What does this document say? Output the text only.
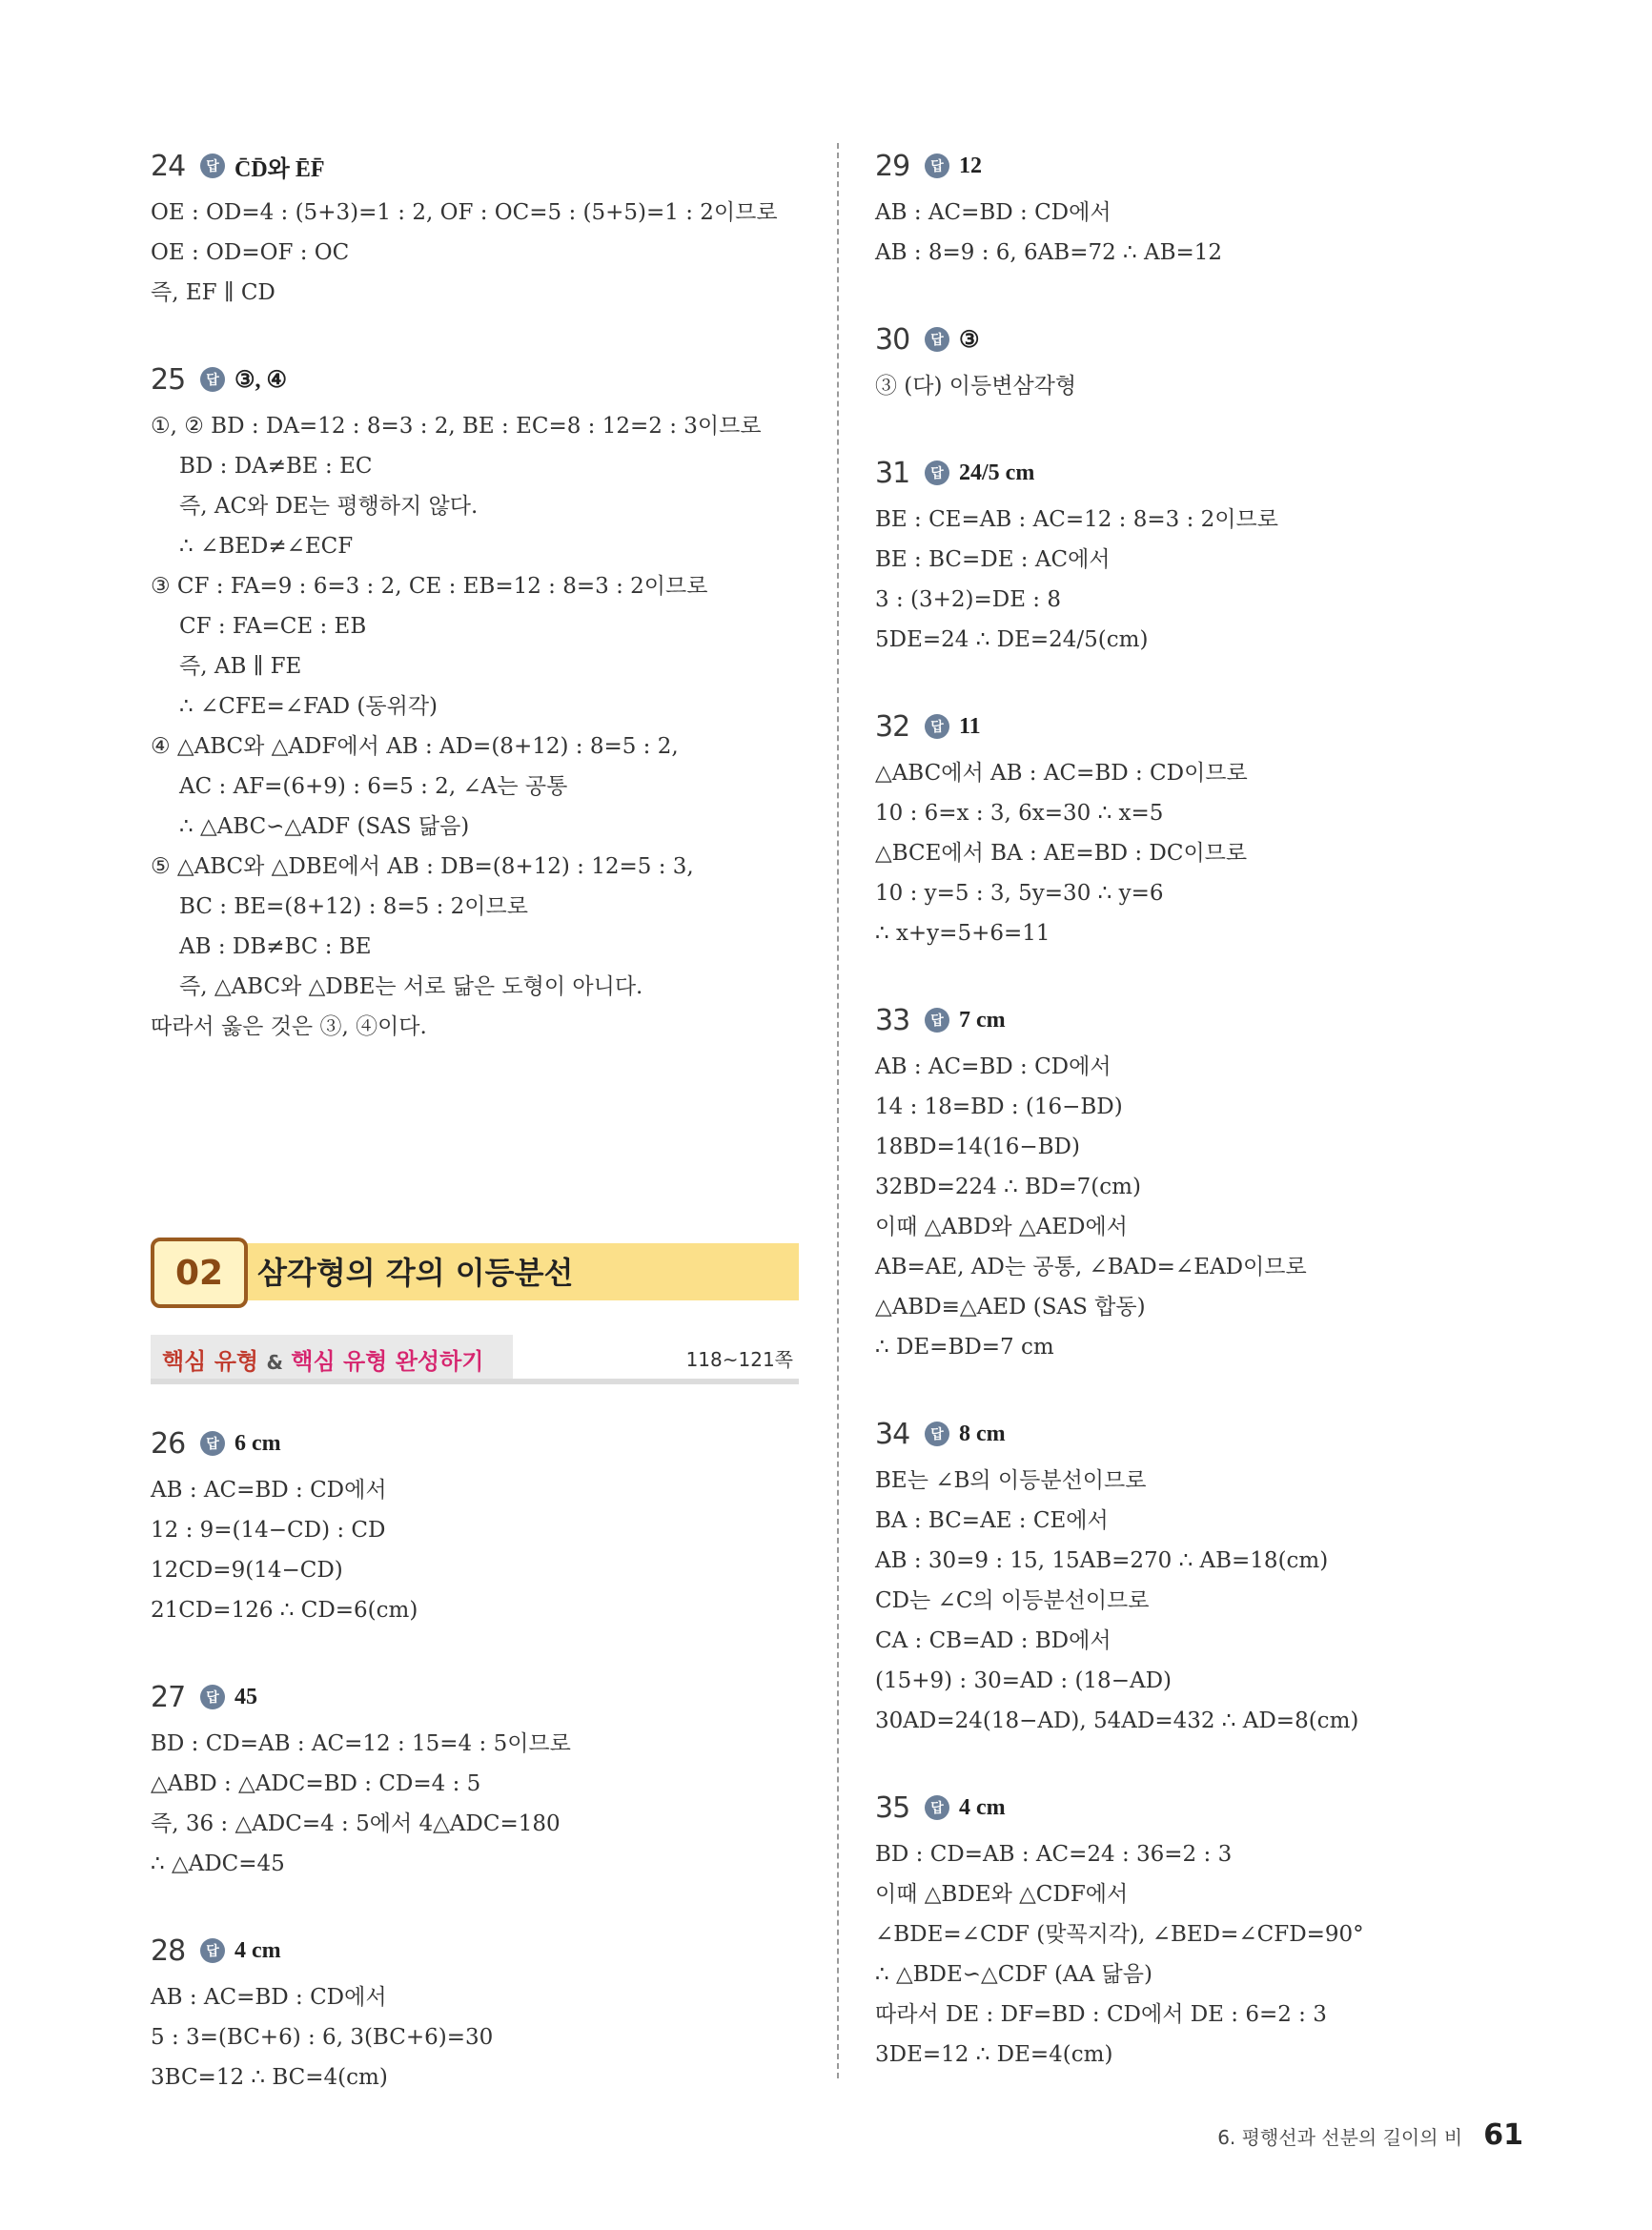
24	답 C̄D̄와 ĒF̄
OE : OD=4 : (5+3)=1 : 2, OF : OC=5 : (5+5)=1 : 2이므로
OE : OD=OF : OC
즉, EF ∥ CD
25	답 ③, ④
①, ② BD : DA=12 : 8=3 : 2, BE : EC=8 : 12=2 : 3이므로
BD : DA≠BE : EC
즉, AC와 DE는 평행하지 않다.
∴ ∠BED≠∠ECF
③ CF : FA=9 : 6=3 : 2, CE : EB=12 : 8=3 : 2이므로
CF : FA=CE : EB
즉, AB ∥ FE
∴ ∠CFE=∠FAD (동위각)
④ △ABC와 △ADF에서 AB : AD=(8+12) : 8=5 : 2,
AC : AF=(6+9) : 6=5 : 2, ∠A는 공통
∴ △ABC∽△ADF (SAS 닮음)
⑤ △ABC와 △DBE에서 AB : DB=(8+12) : 12=5 : 3,
BC : BE=(8+12) : 8=5 : 2이므로
AB : DB≠BC : BE
즉, △ABC와 △DBE는 서로 닮은 도형이 아니다.
따라서 옳은 것은 ③, ④이다.
02	삼각형의 각의 이등분선
핵심 유형 & 핵심 유형 완성하기	118~121쪽
26	답 6 cm
AB : AC=BD : CD에서
12 : 9=(14−CD) : CD
12CD=9(14−CD)
21CD=126 ∴ CD=6(cm)
27	답 45
BD : CD=AB : AC=12 : 15=4 : 5이므로
△ABD : △ADC=BD : CD=4 : 5
즉, 36 : △ADC=4 : 5에서 4△ADC=180
∴ △ADC=45
28	답 4 cm
AB : AC=BD : CD에서
5 : 3=(BC+6) : 6, 3(BC+6)=30
3BC=12 ∴ BC=4(cm)
29	답 12
AB : AC=BD : CD에서
AB : 8=9 : 6, 6AB=72 ∴ AB=12
30	답 ③
③ (다) 이등변삼각형
31	답 24/5 cm
BE : CE=AB : AC=12 : 8=3 : 2이므로
BE : BC=DE : AC에서
3 : (3+2)=DE : 8
5DE=24 ∴ DE=24/5(cm)
32	답 11
△ABC에서 AB : AC=BD : CD이므로
10 : 6=x : 3, 6x=30 ∴ x=5
△BCE에서 BA : AE=BD : DC이므로
10 : y=5 : 3, 5y=30 ∴ y=6
∴ x+y=5+6=11
33	답 7 cm
AB : AC=BD : CD에서
14 : 18=BD : (16−BD)
18BD=14(16−BD)
32BD=224 ∴ BD=7(cm)
이때 △ABD와 △AED에서
AB=AE, AD는 공통, ∠BAD=∠EAD이므로
△ABD≡△AED (SAS 합동)
∴ DE=BD=7 cm
34	답 8 cm
BE는 ∠B의 이등분선이므로
BA : BC=AE : CE에서
AB : 30=9 : 15, 15AB=270 ∴ AB=18(cm)
CD는 ∠C의 이등분선이므로
CA : CB=AD : BD에서
(15+9) : 30=AD : (18−AD)
30AD=24(18−AD), 54AD=432 ∴ AD=8(cm)
35	답 4 cm
BD : CD=AB : AC=24 : 36=2 : 3
이때 △BDE와 △CDF에서
∠BDE=∠CDF (맞꼭지각), ∠BED=∠CFD=90°
∴ △BDE∽△CDF (AA 닮음)
따라서 DE : DF=BD : CD에서 DE : 6=2 : 3
3DE=12 ∴ DE=4(cm)
6. 평행선과 선분의 길이의 비 61
